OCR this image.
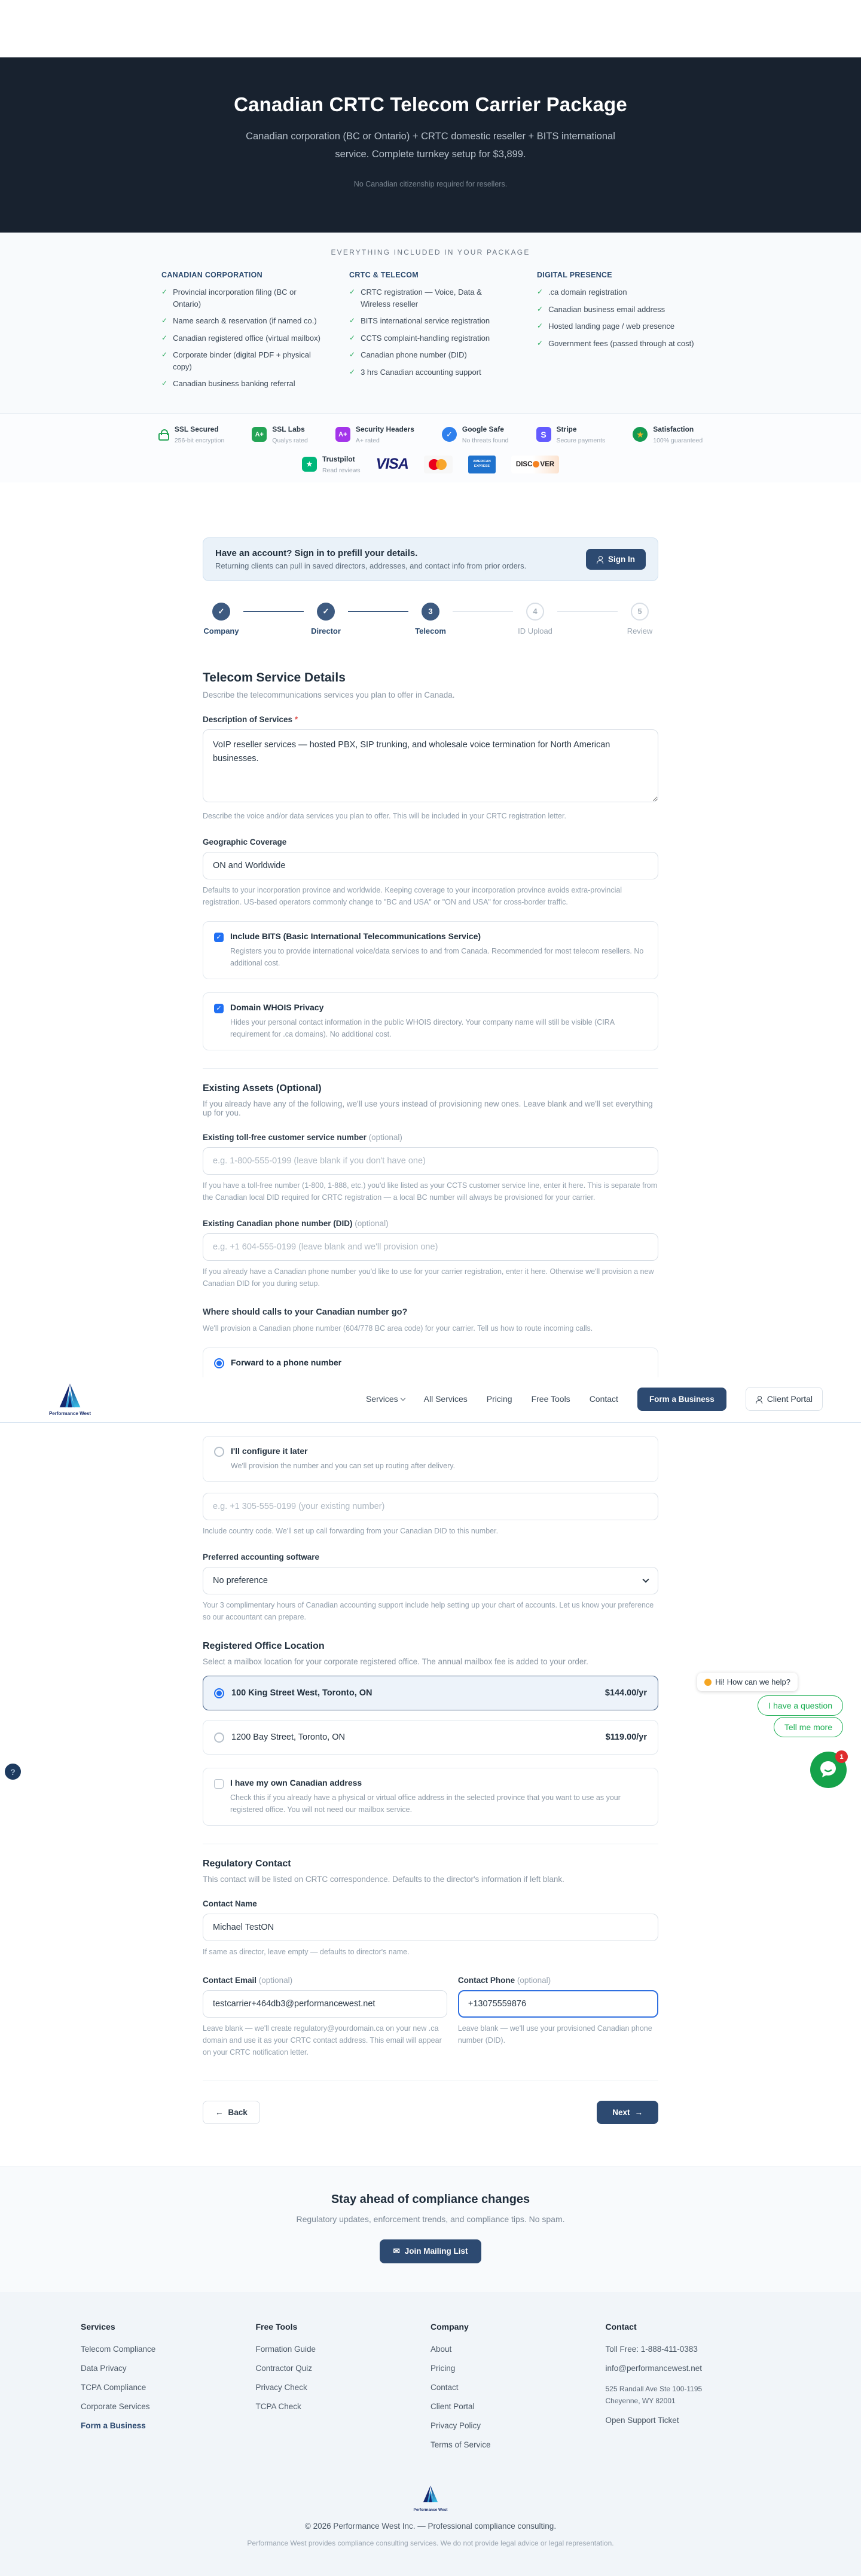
Canadian CRTC Telecom Carrier Package

Canadian corporation (BC or Ontario) + CRTC domestic reseller + BITS international service. Complete turnkey setup for $3,899.

No Canadian citizenship required for resellers.

EVERYTHING INCLUDED IN YOUR PACKAGE
CANADIAN CORPORATION
✓ Provincial incorporation filing (BC or Ontario)
✓ Name search & reservation (if named co.)
✓ Canadian registered office (virtual mailbox)
✓ Corporate binder (digital PDF + physical copy)
✓ Canadian business banking referral
CRTC & TELECOM
✓ CRTC registration — Voice, Data & Wireless reseller
✓ BITS international service registration
✓ CCTS complaint-handling registration
✓ Canadian phone number (DID)
✓ 3 hrs Canadian accounting support
DIGITAL PRESENCE
✓ .ca domain registration
✓ Canadian business email address
✓ Hosted landing page / web presence
✓ Government fees (passed through at cost)
SSL Secured
256-bit encryption
A+
SSL Labs
Qualys rated
A+
Security Headers
A+ rated
✓
Google Safe
No threats found
S
Stripe
Secure payments
★
Satisfaction
100% guaranteed
★
Trustpilot
Read reviews VISA	AMERICAN EXPRESS	DISC VER
Have an account? Sign in to prefill your details.
Returning clients can pull in saved directors, addresses, and contact info from prior orders.
Sign In
✓
Company
✓
Director
3
Telecom
4
ID Upload
5
Review
Telecom Service Details

Describe the telecommunications services you plan to offer in Canada.

Description of Services *
VoIP reseller services — hosted PBX, SIP trunking, and wholesale voice termination for North American businesses.

Describe the voice and/or data services you plan to offer. This will be included in your CRTC registration letter.

Geographic Coverage
ON and Worldwide

Defaults to your incorporation province and worldwide. Keeping coverage to your incorporation province avoids extra-provincial registration. US-based operators commonly change to "BC and USA" or "ON and USA" for cross-border traffic.

✓ Include BITS (Basic International Telecommunications Service)
Registers you to provide international voice/data services to and from Canada. Recommended for most telecom resellers. No additional cost.
✓ Domain WHOIS Privacy
Hides your personal contact information in the public WHOIS directory. Your company name will still be visible (CIRA requirement for .ca domains). No additional cost.
Existing Assets (Optional)

If you already have any of the following, we'll use yours instead of provisioning new ones. Leave blank and we'll set everything up for you.

Existing toll-free customer service number (optional)
e.g. 1-800-555-0199 (leave blank if you don't have one)

If you have a toll-free number (1-800, 1-888, etc.) you'd like listed as your CCTS customer service line, enter it here. This is separate from the Canadian local DID required for CRTC registration — a local BC number will always be provisioned for your carrier.

Existing Canadian phone number (DID) (optional)
e.g. +1 604-555-0199 (leave blank and we'll provision one)

If you already have a Canadian phone number you'd like to use for your carrier registration, enter it here. Otherwise we'll provision a new Canadian DID for you during setup.

Where should calls to your Canadian number go?

We'll provision a Canadian phone number (604/778 BC area code) for your carrier. Tell us how to route incoming calls.

Forward to a phone number
Performance West
Services	All Services Pricing Free Tools Contact	Form a Business	Client Portal
I'll configure it later
We'll provision the number and you can set up routing after delivery.
e.g. +1 305-555-0199 (your existing number)

Include country code. We'll set up call forwarding from your Canadian DID to this number.

Preferred accounting software
No preference

Your 3 complimentary hours of Canadian accounting support include help setting up your chart of accounts. Let us know your preference so our accountant can prepare.

Registered Office Location

Select a mailbox location for your corporate registered office. The annual mailbox fee is added to your order.

100 King Street West, Toronto, ON	$144.00/yr
1200 Bay Street, Toronto, ON	$119.00/yr
I have my own Canadian address
Check this if you already have a physical or virtual office address in the selected province that you want to use as your registered office. You will not need our mailbox service.
Regulatory Contact

This contact will be listed on CRTC correspondence. Defaults to the director's information if left blank.

Contact Name
Michael TestON

If same as director, leave empty — defaults to director's name.

Contact Email (optional)
testcarrier+464db3@performancewest.net

Leave blank — we'll create regulatory@yourdomain.ca on your new .ca domain and use it as your CRTC contact address. This email will appear on your CRTC notification letter.

Contact Phone (optional)
+13075559876

Leave blank — we'll use your provisioned Canadian phone number (DID).

← Back	Next →
Stay ahead of compliance changes
Regulatory updates, enforcement trends, and compliance tips. No spam.
✉ Join Mailing List
Services
Telecom Compliance
Data Privacy
TCPA Compliance
Corporate Services
Form a Business
Free Tools
Formation Guide
Contractor Quiz
Privacy Check
TCPA Check
Company
About
Pricing
Contact
Client Portal
Privacy Policy
Terms of Service
Contact
Toll Free: 1-888-411-0383
info@performancewest.net
525 Randall Ave Ste 100-1195
Cheyenne, WY 82001
Open Support Ticket
Performance West
© 2026 Performance West Inc. — Professional compliance consulting.
Performance West provides compliance consulting services. We do not provide legal advice or legal representation.
Hi! How can we help?
I have a question
Tell me more
1
?
